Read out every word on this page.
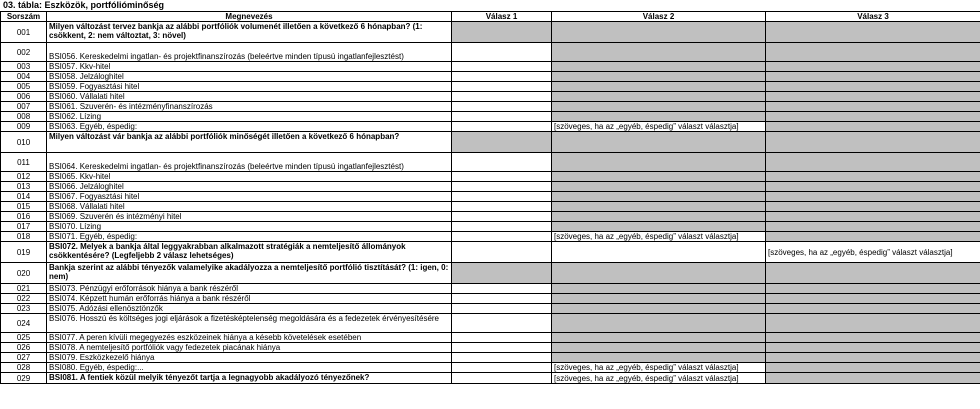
03. tábla: Eszközök, portfólióminőség
Sorszám	Megnevezés	Válasz 1	Válasz 2	Válasz 3
001	Milyen változást tervez bankja az alábbi portfóliók volumenét illetően a következő 6 hónapban? (1: csökkent, 2: nem változtat, 3: növel)			
002	BSI056. Kereskedelmi ingatlan- és projektfinanszírozás (beleértve minden típusú ingatlanfejlesztést)			
003	BSI057. Kkv-hitel			
004	BSI058. Jelzáloghitel			
005	BSI059. Fogyasztási hitel			
006	BSI060. Vállalati hitel			
007	BSI061. Szuverén- és intézményfinanszírozás			
008	BSI062. Lízing			
009	BSI063. Egyéb, éspedig:		[szöveges, ha az „egyéb, éspedig” választ választja]	
010	Milyen változást vár bankja az alábbi portfóliók minőségét illetően a következő 6 hónapban?			
011	BSI064. Kereskedelmi ingatlan- és projektfinanszírozás (beleértve minden típusú ingatlanfejlesztést)			
012	BSI065. Kkv-hitel			
013	BSI066. Jelzáloghitel			
014	BSI067. Fogyasztási hitel			
015	BSI068. Vállalati hitel			
016	BSI069. Szuverén és intézményi hitel			
017	BSI070. Lízing			
018	BSI071. Egyéb, éspedig:		[szöveges, ha az „egyéb, éspedig” választ választja]	
019	BSI072. Melyek a bankja által leggyakrabban alkalmazott stratégiák a nemteljesítő állományok csökkentésére? (Legfeljebb 2 válasz lehetséges)			[szöveges, ha az „egyéb, éspedig” választ választja]
020	Bankja szerint az alábbi tényezők valamelyike akadályozza a nemteljesítő portfólió tisztítását? (1: igen, 0: nem)			
021	BSI073. Pénzügyi erőforrások hiánya a bank részéről			
022	BSI074. Képzett humán erőforrás hiánya a bank részéről			
023	BSI075. Adózási ellenösztönzők			
024	BSI076. Hosszú és költséges jogi eljárások a fizetésképtelenség megoldására és a fedezetek érvényesítésére			
025	BSI077. A peren kívüli megegyezés eszközeinek hiánya a késebb követelések esetében			
026	BSI078. A nemteljesítő portfóliók vagy fedezetek piacának hiánya			
027	BSI079. Eszközkezelő hiánya			
028	BSI080. Egyéb, éspedig:...		[szöveges, ha az „egyéb, éspedig” választ választja]	
029	BSI081. A fentiek közül melyik tényezőt tartja a legnagyobb akadályozó tényezőnek?		[szöveges, ha az „egyéb, éspedig” választ választja]	
